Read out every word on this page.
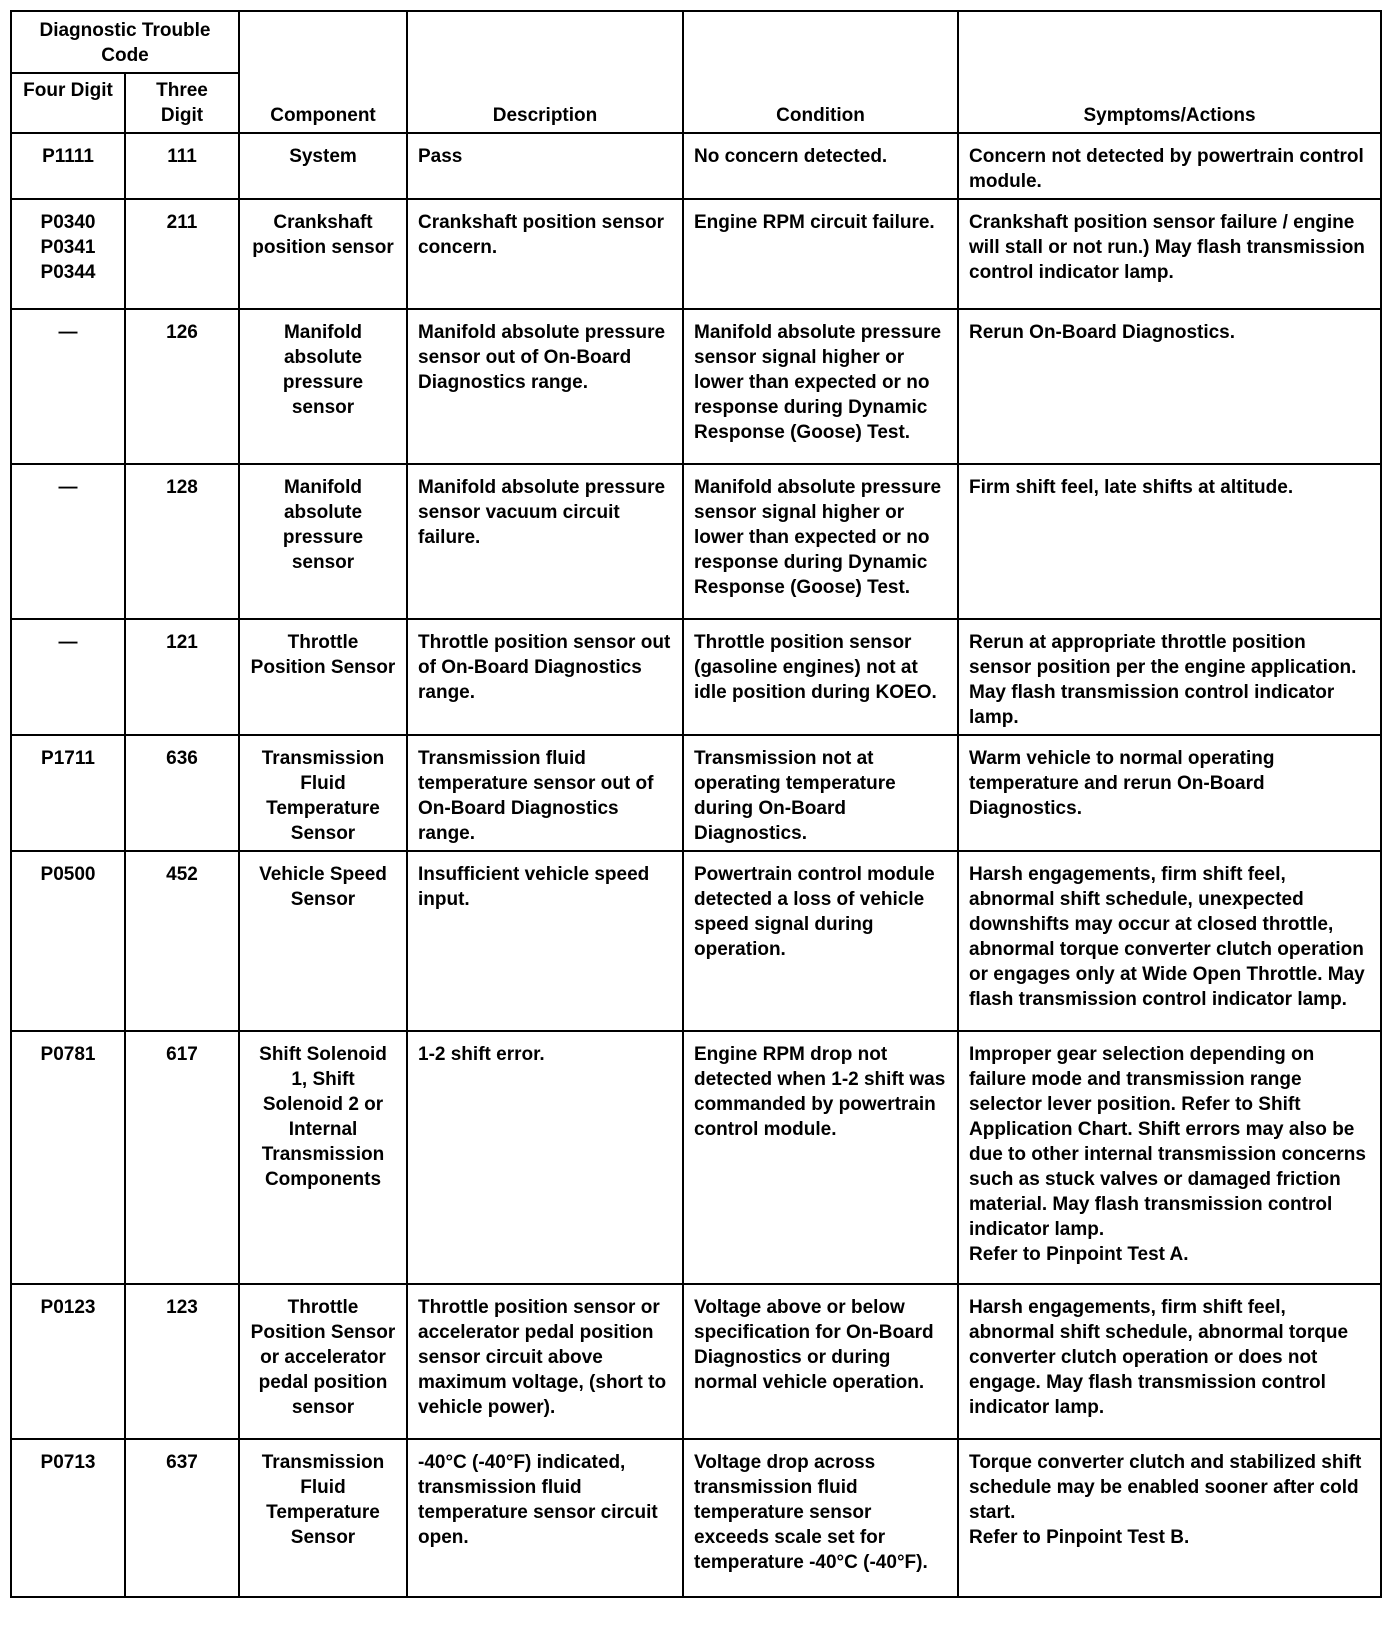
Diagnostic Trouble Code		Component	Description	Condition	Symptoms/Actions
Four Digit	Three Digit				
P1111	111	System	Pass	No concern detected.	Concern not detected by powertrain control module.

P0340
P0341
P0344	211	Crankshaft position sensor	Crankshaft position sensor concern.	Engine RPM circuit failure.	Crankshaft position sensor failure / engine will stall or not run.) May flash transmission control indicator lamp.
—	126	Manifold absolute pressure sensor	Manifold absolute pressure sensor out of On-Board Diagnostics range.	Manifold absolute pressure sensor signal higher or lower than expected or no response during Dynamic Response (Goose) Test.	Rerun On-Board Diagnostics.
—	128	Manifold absolute pressure sensor	Manifold absolute pressure sensor vacuum circuit failure.	Manifold absolute pressure sensor signal higher or lower than expected or no response during Dynamic Response (Goose) Test.	Firm shift feel, late shifts at altitude.
—	121	Throttle Position Sensor	Throttle position sensor out of On-Board Diagnostics range.	Throttle position sensor (gasoline engines) not at idle position during KOEO.	Rerun at appropriate throttle position sensor position per the engine application. May flash transmission control indicator lamp.
P1711	636	Transmission Fluid Temperature Sensor	Transmission fluid temperature sensor out of On-Board Diagnostics range.	Transmission not at operating temperature during On-Board Diagnostics.	Warm vehicle to normal operating temperature and rerun On-Board Diagnostics.
P0500	452	Vehicle Speed Sensor	Insufficient vehicle speed input.	Powertrain control module detected a loss of vehicle speed signal during operation.	Harsh engagements, firm shift feel, abnormal shift schedule, unexpected downshifts may occur at closed throttle, abnormal torque converter clutch operation or engages only at Wide Open Throttle. May flash transmission control indicator lamp.
P0781	617	Shift Solenoid 1, Shift Solenoid 2 or Internal Transmission Components	1-2 shift error.	Engine RPM drop not detected when 1-2 shift was commanded by powertrain control module.	Improper gear selection depending on failure mode and transmission range selector lever position. Refer to Shift Application Chart. Shift errors may also be due to other internal transmission concerns such as stuck valves or damaged friction material. May flash transmission control indicator lamp.
Refer to Pinpoint Test A.

P0123	123	Throttle Position Sensor or accelerator pedal position sensor	Throttle position sensor or accelerator pedal position sensor circuit above maximum voltage, (short to vehicle power).	Voltage above or below specification for On-Board Diagnostics or during normal vehicle operation.	Harsh engagements, firm shift feel, abnormal shift schedule, abnormal torque converter clutch operation or does not engage. May flash transmission control indicator lamp.
P0713	637	Transmission Fluid Temperature Sensor	-40°C (-40°F) indicated, transmission fluid temperature sensor circuit open.	Voltage drop across transmission fluid temperature sensor exceeds scale set for temperature -40°C (-40°F).	Torque converter clutch and stabilized shift schedule may be enabled sooner after cold start.
Refer to Pinpoint Test B.
